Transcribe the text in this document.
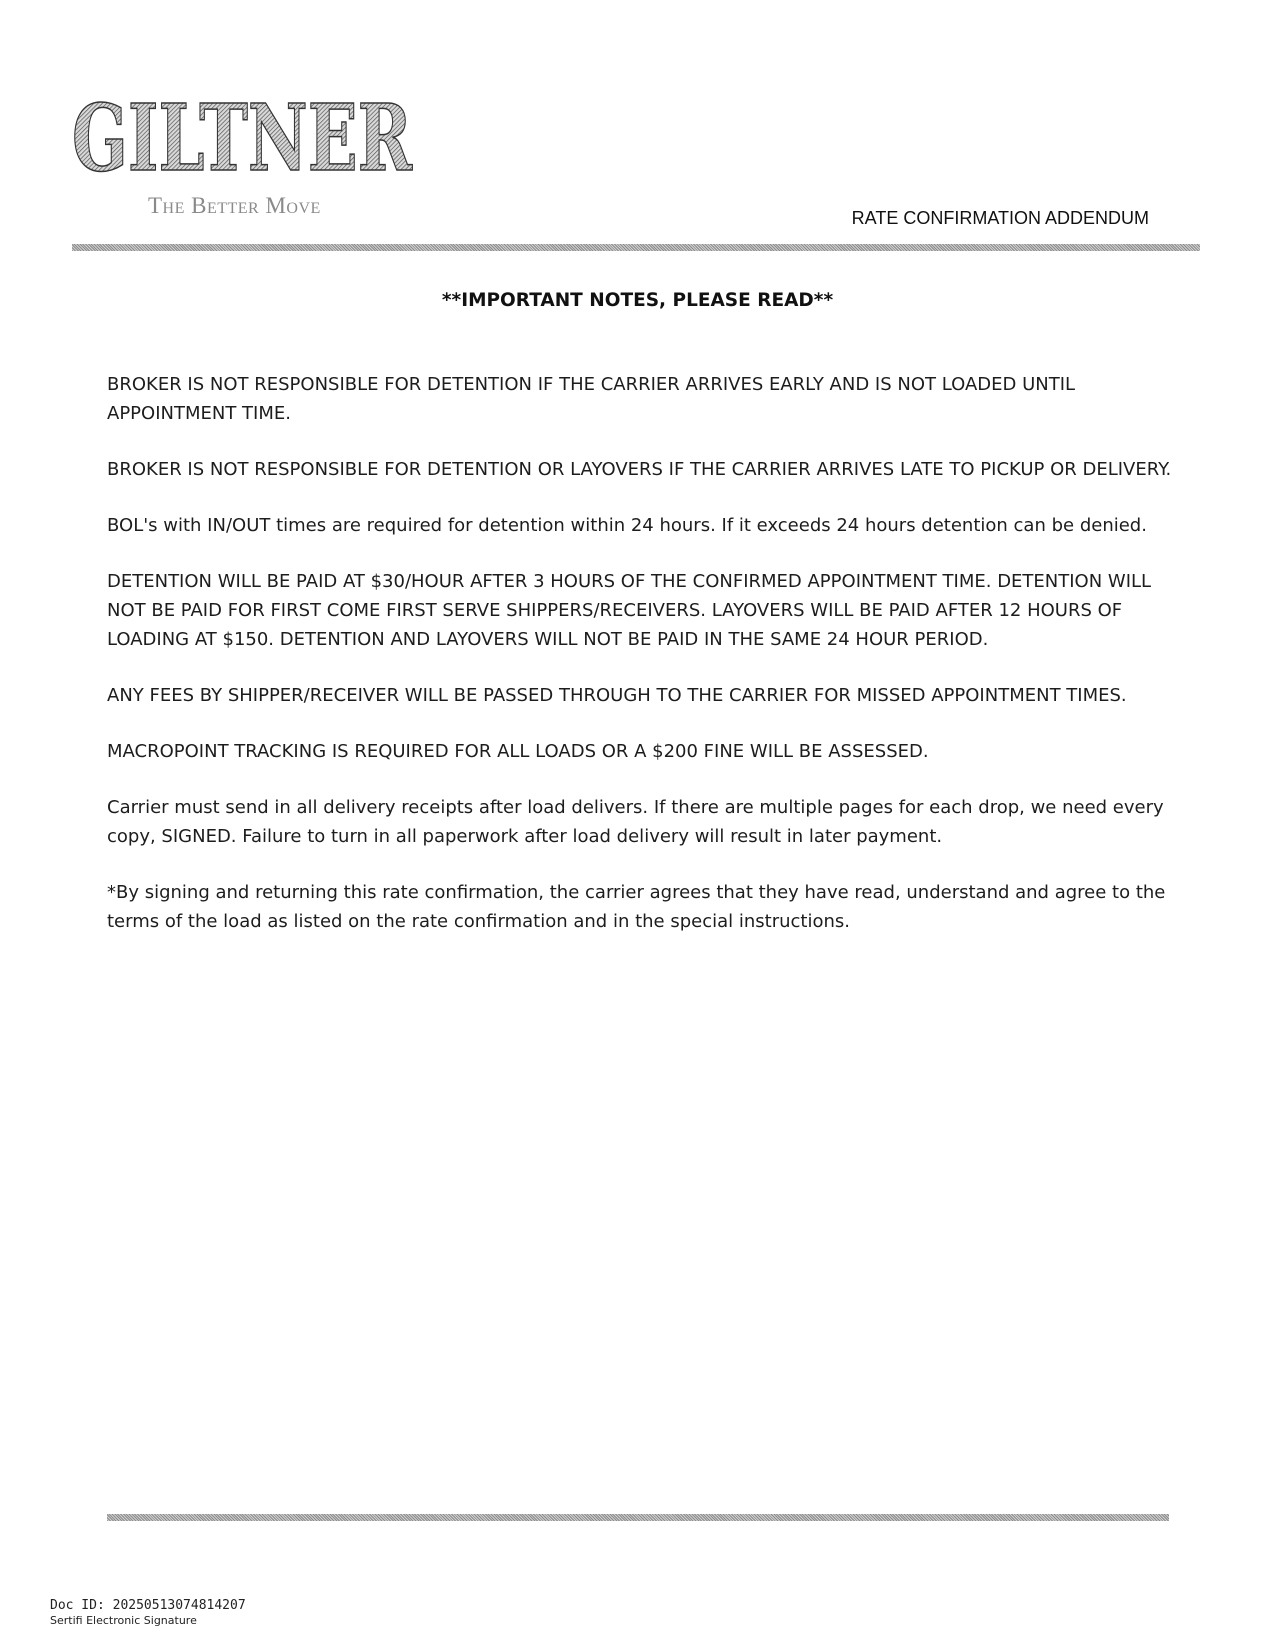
GILTNER
The Better Move	RATE CONFIRMATION ADDENDUM
**IMPORTANT NOTES, PLEASE READ**

BROKER IS NOT RESPONSIBLE FOR DETENTION IF THE CARRIER ARRIVES EARLY AND IS NOT LOADED UNTIL APPOINTMENT TIME.

BROKER IS NOT RESPONSIBLE FOR DETENTION OR LAYOVERS IF THE CARRIER ARRIVES LATE TO PICKUP OR DELIVERY.

BOL's with IN/OUT times are required for detention within 24 hours. If it exceeds 24 hours detention can be denied.

DETENTION WILL BE PAID AT $30/HOUR AFTER 3 HOURS OF THE CONFIRMED APPOINTMENT TIME. DETENTION WILL NOT BE PAID FOR FIRST COME FIRST SERVE SHIPPERS/RECEIVERS. LAYOVERS WILL BE PAID AFTER 12 HOURS OF LOADING AT $150. DETENTION AND LAYOVERS WILL NOT BE PAID IN THE SAME 24 HOUR PERIOD.

ANY FEES BY SHIPPER/RECEIVER WILL BE PASSED THROUGH TO THE CARRIER FOR MISSED APPOINTMENT TIMES.

MACROPOINT TRACKING IS REQUIRED FOR ALL LOADS OR A $200 FINE WILL BE ASSESSED.

Carrier must send in all delivery receipts after load delivers. If there are multiple pages for each drop, we need every copy, SIGNED. Failure to turn in all paperwork after load delivery will result in later payment.

*By signing and returning this rate confirmation, the carrier agrees that they have read, understand and agree to the terms of the load as listed on the rate confirmation and in the special instructions.

Doc ID: 20250513074814207
Sertifi Electronic Signature
